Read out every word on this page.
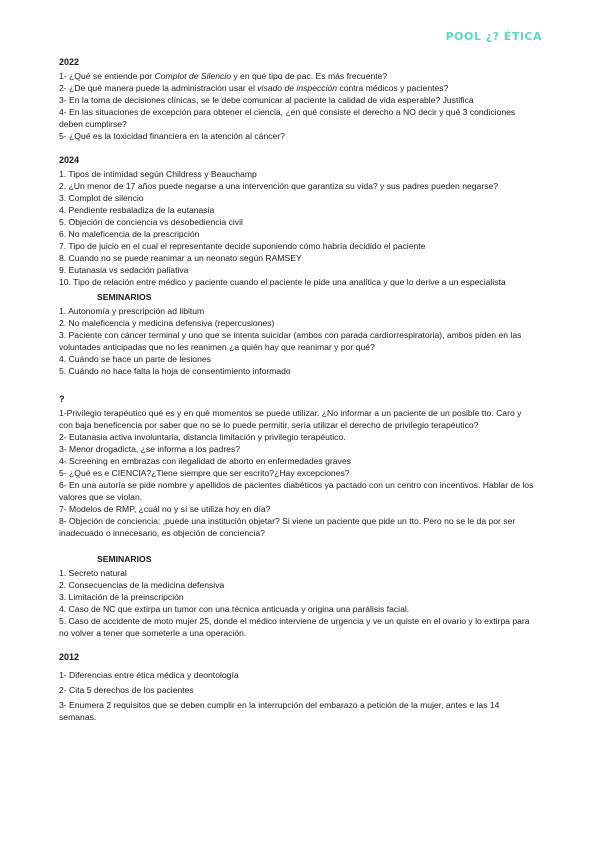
POOL ¿? ÉTICA
2022

1- ¿Qué se entiende por Complot de Silencio y en qué tipo de pac. Es más frecuente?

2- ¿De qué manera puede la administración usar el visado de inspección contra médicos y pacientes?

3- En la toma de decisiones clínicas, se le debe comunicar al paciente la calidad de vida esperable? Justifica

4- En las situaciones de excepción para obtener el ciencia, ¿en qué consiste el derecho a NO decir y qué 3 condiciones deben cumplirse?

5- ¿Qué es la toxicidad financiera en la atención al cáncer?

2024

1. Tipos de intimidad según Childress y Beauchamp

2. ¿Un menor de 17 años puede negarse a una intervención que garantiza su vida? y sus padres pueden negarse?

3. Complot de silencio

4. Pendiente resbaladiza de la eutanasia

5. Objeción de conciencia vs desobediencia civil

6. No maleficencia de la prescripción

7. Tipo de juicio en el cual el representante decide suponiendo cómo habría decidido el paciente

8. Cuando no se puede reanimar a un neonato según RAMSEY

9. Eutanasia vs sedación paliativa

10. Tipo de relación entre médico y paciente cuando el paciente le pide una analítica y que lo derive a un especialista

SEMINARIOS

1. Autonomía y prescripción ad libitum

2. No maleficencia y medicina defensiva (repercusiones)

3. Paciente con cáncer terminal y uno que se intenta suicidar (ambos con parada cardiorrespiratoria), ambos piden en las voluntades anticipadas que no les reanimen ¿a quién hay que reanimar y por qué?

4. Cuándo se hace un parte de lesiones

5. Cuándo no hace falta la hoja de consentimiento informado

?

1-Privilegio terapéutico qué es y en qué momentos se puede utilizar. ¿No informar a un paciente de un posible tto. Caro y con baja beneficencia por saber que no se lo puede permitir, sería utilizar el derecho de privilegio terapéutico?

2- Eutanasia activa involuntaria, distancia limitación y privilegio terapéutico.

3- Menor drogadicta, ¿se informa a los padres?

4- Screening en embrazas con ilegalidad de aborto en enfermedades graves

5- ¿Qué es e CIENCIA?¿Tiene siempre que ser escrito?¿Hay excepciones?

6- En una autoría se pide nombre y apellidos de pacientes diabéticos ya pactado con un centro con incentivos. Hablar de los valores que se violan.

7- Modelos de RMP, ¿cuál no y sí se utiliza hoy en día?

8- Objeción de conciencia: ,puede una institución objetar? Si viene un paciente que pide un tto. Pero no se le da por ser inadecuado o innecesario, es objeción de conciencia?

SEMINARIOS

1. Secreto natural

2. Consecuencias de la medicina defensiva

3. Limitación de la preinscripción

4. Caso de NC que extirpa un tumor con una técnica anticuada y origina una parálisis facial.

5. Caso de accidente de moto mujer 25, donde el médico interviene de urgencia y ve un quiste en el ovario y lo extirpa para no volver a tener que someterle a una operación.

2012

1- Diferencias entre ética médica y deontología

2- Cita 5 derechos de los pacientes

3- Enumera 2 requisitos que se deben cumplir en la interrupción del embarazo a petición de la mujer, antes e las 14 semanas.
